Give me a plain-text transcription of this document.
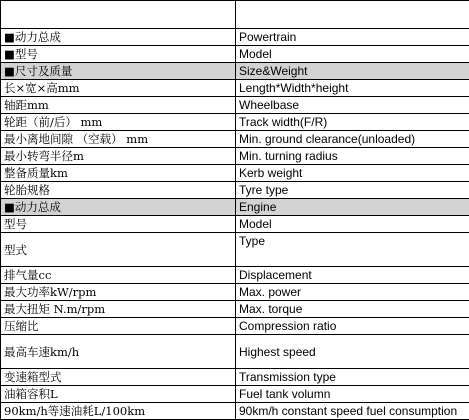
■动力总成	Powertrain
■型号	Model
■尺寸及质量	Size&Weight
长×宽×高mm	Length*Width*height
轴距mm	Wheelbase
轮距（前/后） mm	Track width(F/R)
最小离地间隙 （空载） mm	Min. ground clearance(unloaded)
最小转弯半径m	Min. turning radius
整备质量km	Kerb weight
轮胎规格	Tyre type
■动力总成	Engine
型号	Model
型式	Type
排气量cc	Displacement
最大功率kW/rpm	Max. power
最大扭矩 N.m/rpm	Max. torque
压缩比	Compression ratio
最高车速km/h	Highest speed
变速箱型式	Transmission type
油箱容积L	Fuel tank volumn
90km/h等速油耗L/100km	90km/h constant speed fuel consumption
